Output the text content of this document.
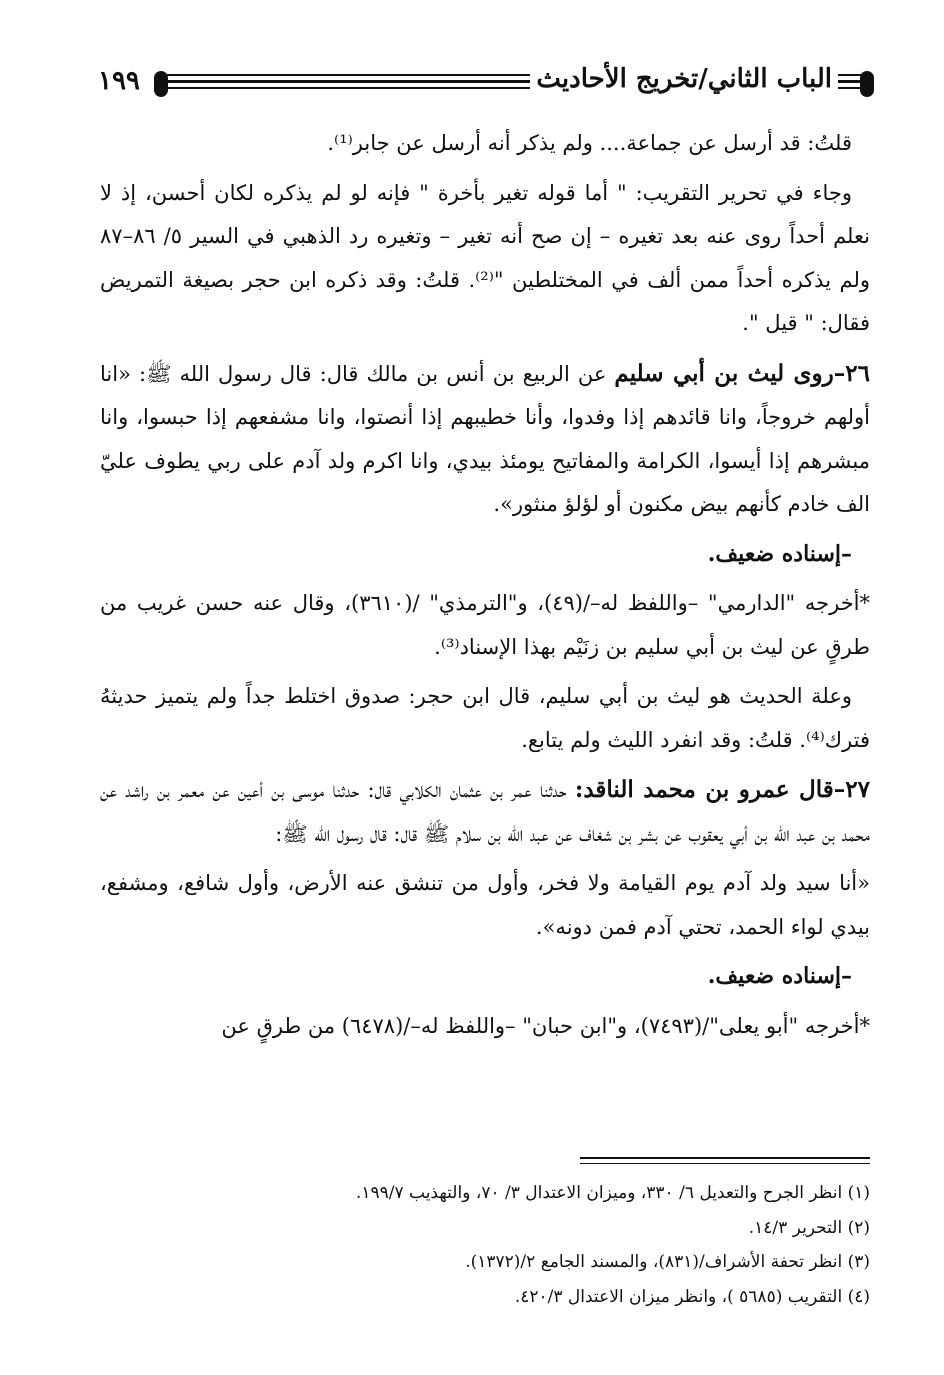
الباب الثاني/تخريج الأحاديث
١٩٩

قلتُ: قد أرسل عن جماعة.... ولم يذكر أنه أرسل عن جابر⁽¹⁾.

وجاء في تحرير التقريب: " أما قوله تغير بأخرة " فإنه لو لم يذكره لكان أحسن، إذ لا نعلم أحداً روى عنه بعد تغيره – إن صح أنه تغير – وتغيره رد الذهبي في السير ٥/ ٨٦–٨٧ ولم يذكره أحداً ممن ألف في المختلطين "⁽²⁾. قلتُ: وقد ذكره ابن حجر بصيغة التمريض فقال: " قيل ".

٢٦–روى ليث بن أبي سليم عن الربيع بن أنس بن مالك قال: قال رسول الله ﷺ: «انا أولهم خروجاً، وانا قائدهم إذا وفدوا، وأنا خطيبهم إذا أنصتوا، وانا مشفعهم إذا حبسوا، وانا مبشرهم إذا أيسوا، الكرامة والمفاتيح يومئذ بيدي، وانا اكرم ولد آدم على ربي يطوف عليّ الف خادم كأنهم بيض مكنون أو لؤلؤ منثور».

–إسناده ضعيف.

*أخرجه "الدارمي" –واللفظ له–/(٤٩)، و"الترمذي" /(٣٦١٠)، وقال عنه حسن غريب من طرقٍ عن ليث بن أبي سليم بن زنَيْم بهذا الإسناد⁽³⁾.

وعلة الحديث هو ليث بن أبي سليم، قال ابن حجر: صدوق اختلط جداً ولم يتميز حديثهُ فترك⁽⁴⁾. قلتُ: وقد انفرد الليث ولم يتابع.

٢٧–قال عمرو بن محمد الناقد: حدثنا عمر بن عثمان الكلابي قال: حدثنا موسى بن أعين عن معمر بن راشد عن محمد بن عبد الله بن أبي يعقوب عن بشر بن شغاف عن عبد الله بن سلام ﷺ قال: قال رسول الله ﷺ:

«أنا سيد ولد آدم يوم القيامة ولا فخر، وأول من تنشق عنه الأرض، وأول شافع، ومشفع، بيدي لواء الحمد، تحتي آدم فمن دونه».

–إسناده ضعيف.

*أخرجه "أبو يعلى"/(٧٤٩٣)، و"ابن حبان" –واللفظ له–/(٦٤٧٨) من طرقٍ عن

(١) انظر الجرح والتعديل ٦/ ٣٣٠، وميزان الاعتدال ٣/ ٧٠، والتهذيب ١٩٩/٧.
(٢) التحرير ١٤/٣.
(٣) انظر تحفة الأشراف/(٨٣١)، والمسند الجامع ٢/(١٣٧٢).
(٤) التقريب (٥٦٨٥ )، وانظر ميزان الاعتدال ٤٢٠/٣.
